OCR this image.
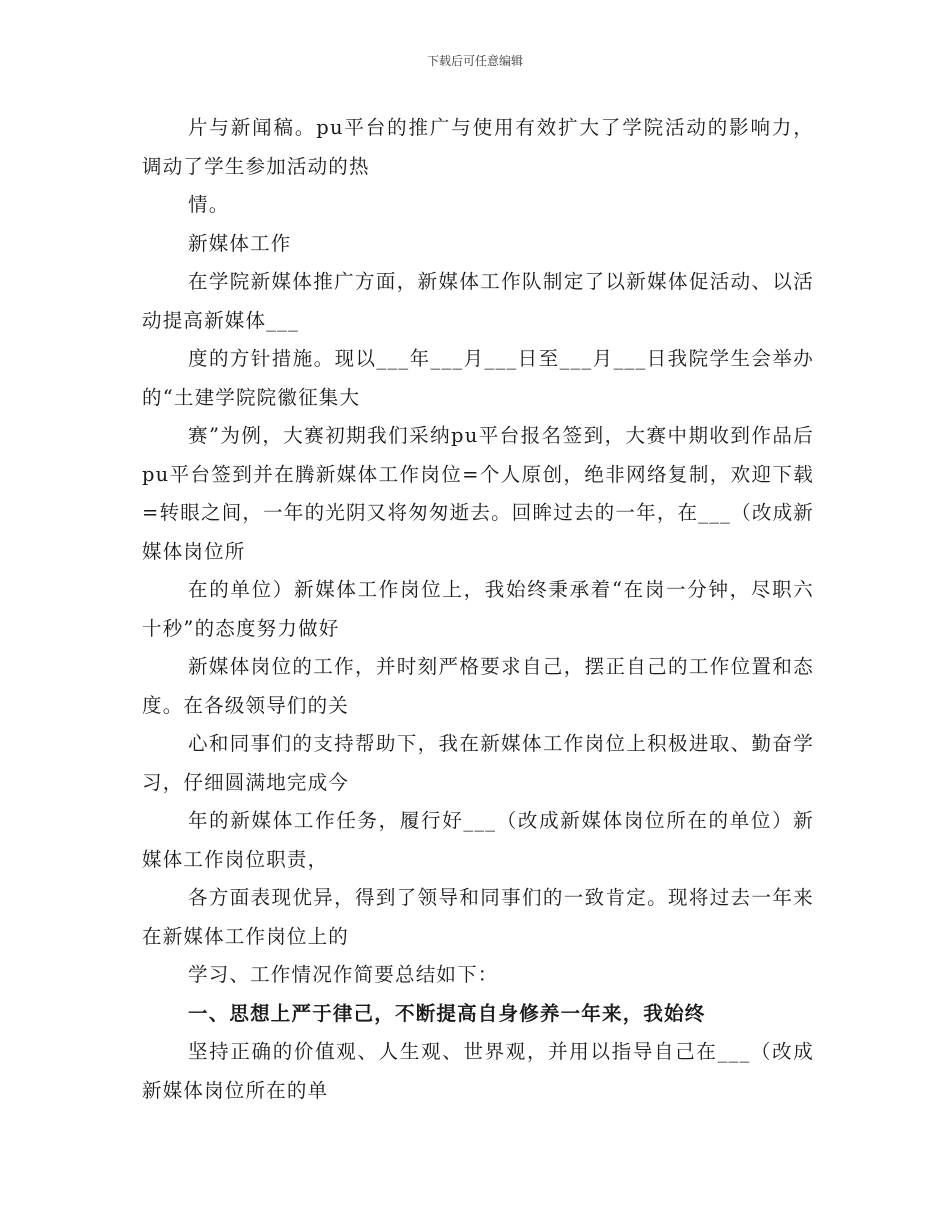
下载后可任意编辑

片与新闻稿。pu平台的推广与使用有效扩大了学院活动的影响力，调动了学生参加活动的热

情。

新媒体工作

在学院新媒体推广方面，新媒体工作队制定了以新媒体促活动、以活动提高新媒体___

度的方针措施。现以___年___月___日至___月___日我院学生会举办的“土建学院院徽征集大

赛”为例，大赛初期我们采纳pu平台报名签到，大赛中期收到作品后pu平台签到并在腾新媒体工作岗位=个人原创，绝非网络复制，欢迎下载=转眼之间，一年的光阴又将匆匆逝去。回眸过去的一年，在___（改成新媒体岗位所

在的单位）新媒体工作岗位上，我始终秉承着“在岗一分钟，尽职六十秒”的态度努力做好

新媒体岗位的工作，并时刻严格要求自己，摆正自己的工作位置和态度。在各级领导们的关

心和同事们的支持帮助下，我在新媒体工作岗位上积极进取、勤奋学习，仔细圆满地完成今

年的新媒体工作任务，履行好___（改成新媒体岗位所在的单位）新媒体工作岗位职责，

各方面表现优异，得到了领导和同事们的一致肯定。现将过去一年来在新媒体工作岗位上的

学习、工作情况作简要总结如下：

一、思想上严于律己，不断提高自身修养一年来，我始终

坚持正确的价值观、人生观、世界观，并用以指导自己在___（改成新媒体岗位所在的单
